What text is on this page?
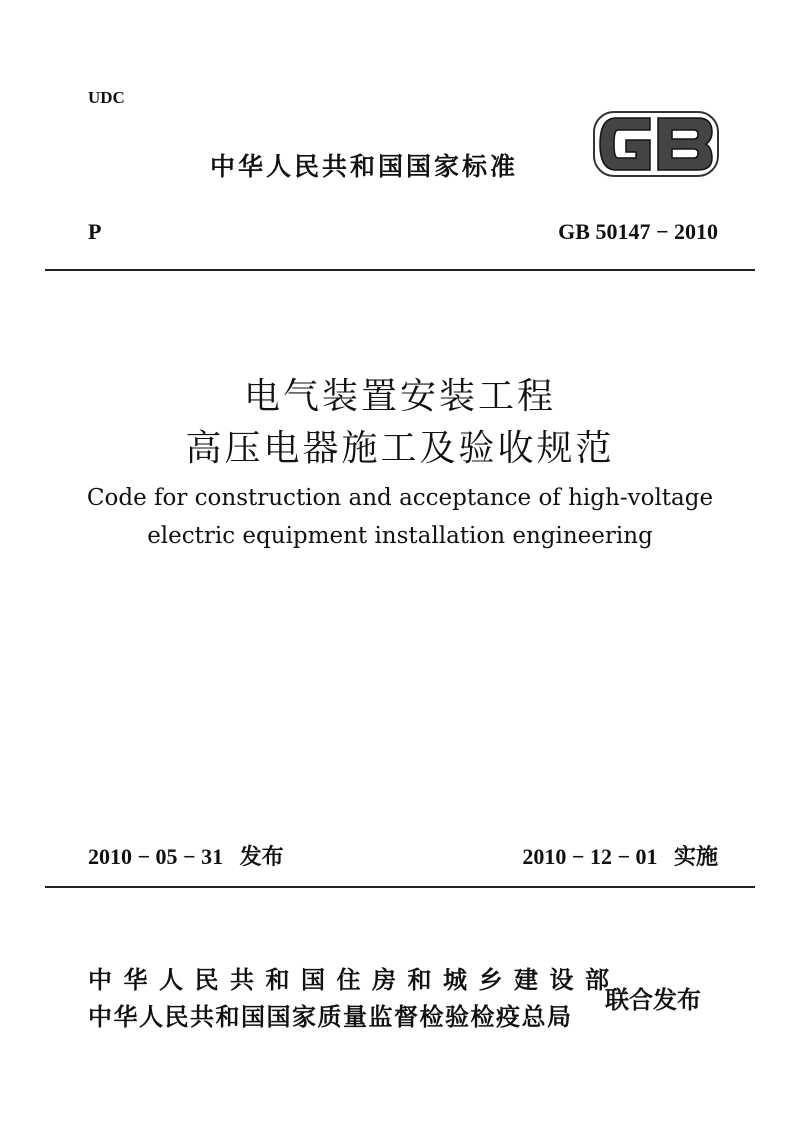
UDC
中华人民共和国国家标准
P	GB 50147 − 2010
电气装置安装工程
高压电器施工及验收规范
Code for construction and acceptance of high-voltage
electric equipment installation engineering
2010 − 05 − 31 发布	2010 − 12 − 01 实施
中华人民共和国住房和城乡建设部
中华人民共和国国家质量监督检验检疫总局
联合发布
